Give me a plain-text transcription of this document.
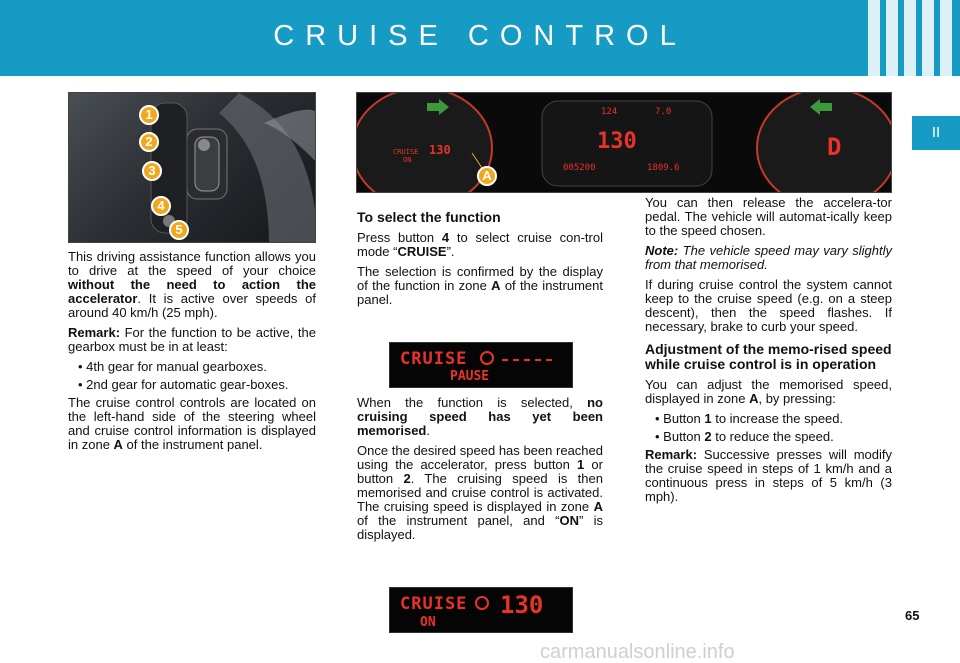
CRUISE CONTROL
II
1
2
3
4
5
CRUISE
ON
130
124	7.0
130
005200	1809.6
D
A

This driving assistance function allows you to drive at the speed of your choice without the need to action the accelerator. It is active over speeds of around 40 km/h (25 mph).

Remark: For the function to be active, the gearbox must be in at least:

• 4th gear for manual gearboxes.

• 2nd gear for automatic gear-boxes.

The cruise control controls are located on the left-hand side of the steering wheel and cruise control information is displayed in zone A of the instrument panel.

To select the function

Press button 4 to select cruise con-trol mode “CRUISE”.

The selection is confirmed by the display of the function in zone A of the instrument panel.

CRUISE
PAUSE

When the function is selected, no cruising speed has yet been memorised.

Once the desired speed has been reached using the accelerator, press button 1 or button 2. The cruising speed is then memorised and cruise control is activated. The cruising speed is displayed in zone A of the instrument panel, and “ON” is displayed.

CRUISE 130
ON

You can then release the accelera-tor pedal. The vehicle will automat-ically keep to the speed chosen.

Note: The vehicle speed may vary slightly from that memorised.

If during cruise control the system cannot keep to the cruise speed (e.g. on a steep descent), then the speed flashes. If necessary, brake to curb your speed.

Adjustment of the memo-rised speed while cruise control is in operation

You can adjust the memorised speed, displayed in zone A, by pressing:

• Button 1 to increase the speed.

• Button 2 to reduce the speed.

Remark: Successive presses will modify the cruise speed in steps of 1 km/h and a continuous press in steps of 5 km/h (3 mph).

65
carmanualsonline.info
